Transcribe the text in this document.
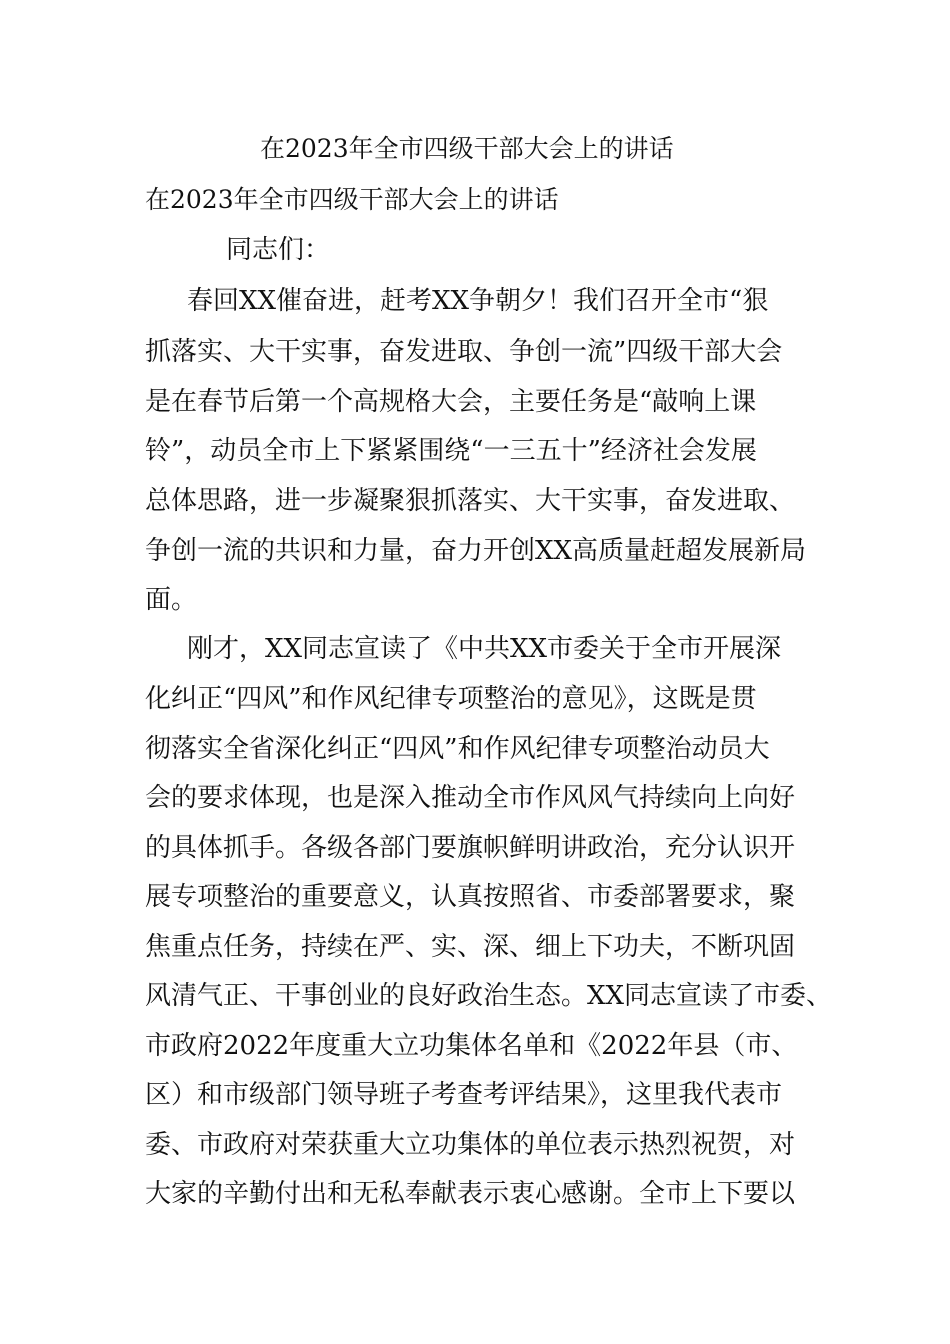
在2023年全市四级干部大会上的讲话
在2023年全市四级干部大会上的讲话
同志们：
春回XX催奋进，赶考XX争朝夕！我们召开全市“狠
抓落实、大干实事，奋发进取、争创一流”四级干部大会
是在春节后第一个高规格大会，主要任务是“敲响上课
铃”，动员全市上下紧紧围绕“一三五十”经济社会发展
总体思路，进一步凝聚狠抓落实、大干实事，奋发进取、
争创一流的共识和力量，奋力开创XX高质量赶超发展新局
面。
刚才，XX同志宣读了《中共XX市委关于全市开展深
化纠正“四风”和作风纪律专项整治的意见》，这既是贯
彻落实全省深化纠正“四风”和作风纪律专项整治动员大
会的要求体现，也是深入推动全市作风风气持续向上向好
的具体抓手。各级各部门要旗帜鲜明讲政治，充分认识开
展专项整治的重要意义，认真按照省、市委部署要求，聚
焦重点任务，持续在严、实、深、细上下功夫，不断巩固
风清气正、干事创业的良好政治生态。XX同志宣读了市委、
市政府2022年度重大立功集体名单和《2022年县（市、
区）和市级部门领导班子考查考评结果》，这里我代表市
委、市政府对荣获重大立功集体的单位表示热烈祝贺，对
大家的辛勤付出和无私奉献表示衷心感谢。全市上下要以
